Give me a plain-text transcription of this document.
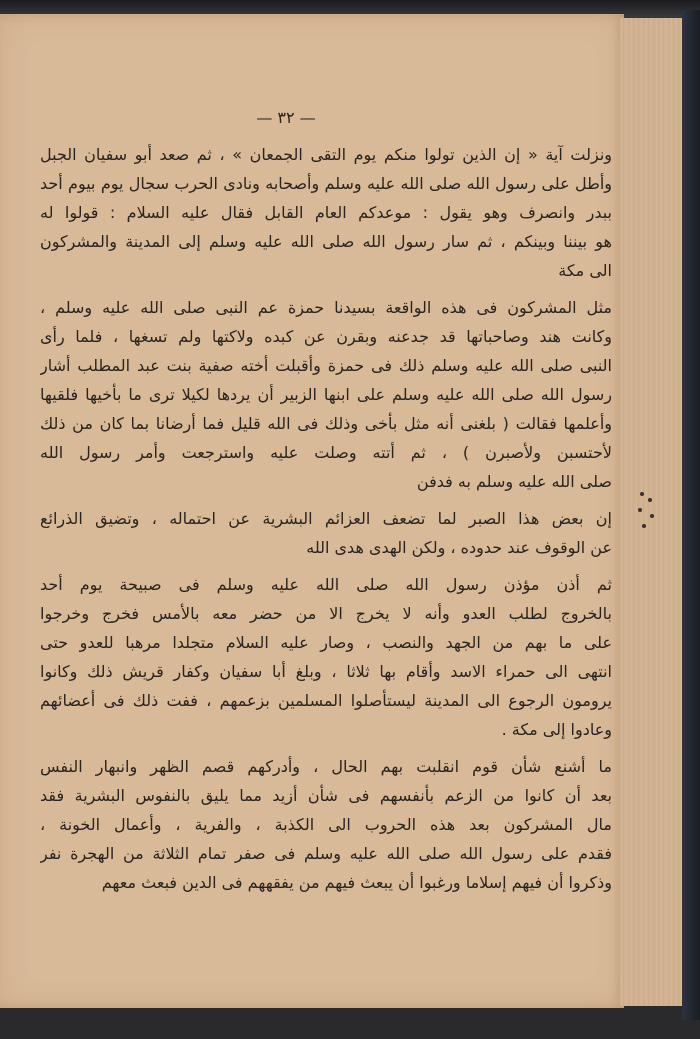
— ٣٢ —
ونزلت آية « إن الذين تولوا منكم يوم التقى الجمعان » ، ثم صعد أبو سفيان الجبل
وأطل على رسول الله صلى الله عليه وسلم وأصحابه ونادى الحرب سجال يوم بيوم أحد
ببدر وانصرف وهو يقول : موعدكم العام القابل فقال عليه السلام : قولوا له
هو بيننا وبينكم ، ثم سار رسول الله صلى الله عليه وسلم إلى المدينة والمشركون
الى مكة
مثل المشركون فى هذه الواقعة بسيدنا حمزة عم النبى صلى الله عليه وسلم ،
وكانت هند وصاحباتها قد جدعنه وبقرن عن كبده ولاكتها ولم تسغها ، فلما رأى
النبى صلى الله عليه وسلم ذلك فى حمزة وأقبلت أخته صفية بنت عبد المطلب أشار
رسول الله صلى الله عليه وسلم على ابنها الزبير أن يردها لكيلا ترى ما بأخيها فلقيها
وأعلمها فقالت ( بلغنى أنه مثل بأخى وذلك فى الله قليل فما أرضانا بما كان من ذلك
لأحتسبن ولأصبرن ) ، ثم أتته وصلت عليه واسترجعت وأمر رسول الله
صلى الله عليه وسلم به فدفن
إن بعض هذا الصبر لما تضعف العزائم البشرية عن احتماله ، وتضيق الذرائع
عن الوقوف عند حدوده ، ولكن الهدى هدى الله
ثم أذن مؤذن رسول الله صلى الله عليه وسلم فى صبيحة يوم أحد
بالخروج لطلب العدو وأنه لا يخرج الا من حضر معه بالأمس فخرج وخرجوا
على ما بهم من الجهد والنصب ، وصار عليه السلام متجلدا مرهبا للعدو حتى
انتهى الى حمراء الاسد وأقام بها ثلاثا ، وبلغ أبا سفيان وكفار قريش ذلك وكانوا
يرومون الرجوع الى المدينة ليستأصلوا المسلمين بزعمهم ، ففت ذلك فى أعضائهم
وعادوا إلى مكة .
ما أشنع شأن قوم انقلبت بهم الحال ، وأدركهم قصم الظهر وانبهار النفس
بعد أن كانوا من الزعم بأنفسهم فى شأن أزيد مما يليق بالنفوس البشرية فقد
مال المشركون بعد هذه الحروب الى الكذبة ، والفرية ، وأعمال الخونة ،
فقدم على رسول الله صلى الله عليه وسلم فى صفر تمام الثلاثة من الهجرة نفر
وذكروا أن فيهم إسلاما ورغبوا أن يبعث فيهم من يفقههم فى الدين فبعث معهم
